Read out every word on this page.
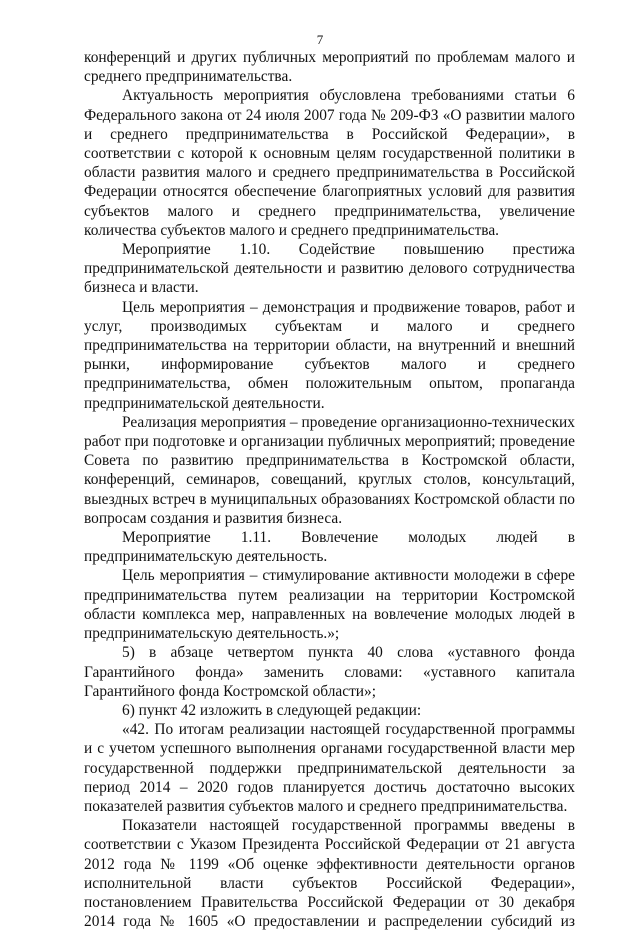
7

конференций и других публичных мероприятий по проблемам малого и среднего предпринимательства.

Актуальность мероприятия обусловлена требованиями статьи 6 Федерального закона от 24 июля 2007 года № 209-ФЗ «О развитии малого и среднего предпринимательства в Российской Федерации», в соответствии с которой к основным целям государственной политики в области развития малого и среднего предпринимательства в Российской Федерации относятся обеспечение благоприятных условий для развития субъектов малого и среднего предпринимательства, увеличение количества субъектов малого и среднего предпринимательства.

Мероприятие 1.10. Содействие повышению престижа предпринимательской деятельности и развитию делового сотрудничества бизнеса и власти.

Цель мероприятия – демонстрация и продвижение товаров, работ и услуг, производимых субъектам и малого и среднего предпринимательства на территории области, на внутренний и внешний рынки, информирование субъектов малого и среднего предпринимательства, обмен положительным опытом, пропаганда предпринимательской деятельности.

Реализация мероприятия – проведение организационно-технических работ при подготовке и организации публичных мероприятий; проведение Совета по развитию предпринимательства в Костромской области, конференций, семинаров, совещаний, круглых столов, консультаций, выездных встреч в муниципальных образованиях Костромской области по вопросам создания и развития бизнеса.

Мероприятие 1.11. Вовлечение молодых людей в предпринимательскую деятельность.

Цель мероприятия – стимулирование активности молодежи в сфере предпринимательства путем реализации на территории Костромской области комплекса мер, направленных на вовлечение молодых людей в предпринимательскую деятельность.»;

5) в абзаце четвертом пункта 40 слова «уставного фонда Гарантийного фонда» заменить словами: «уставного капитала Гарантийного фонда Костромской области»;

6) пункт 42 изложить в следующей редакции:

«42. По итогам реализации настоящей государственной программы и с учетом успешного выполнения органами государственной власти мер государственной поддержки предпринимательской деятельности за период 2014 – 2020 годов планируется достичь достаточно высоких показателей развития субъектов малого и среднего предпринимательства.

Показатели настоящей государственной программы введены в соответствии с Указом Президента Российской Федерации от 21 августа 2012 года № 1199 «Об оценке эффективности деятельности органов исполнительной власти субъектов Российской Федерации», постановлением Правительства Российской Федерации от 30 декабря 2014 года № 1605 «О предоставлении и распределении субсидий из
